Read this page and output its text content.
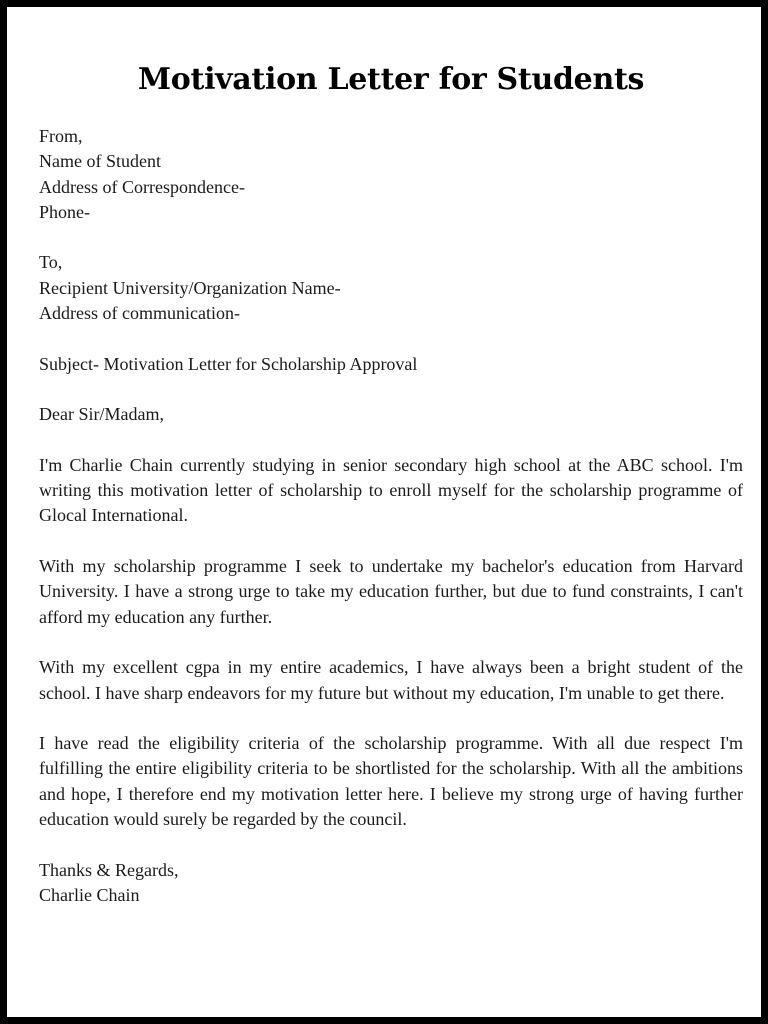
Motivation Letter for Students
From,
Name of Student
Address of Correspondence-
Phone-
To,
Recipient University/Organization Name-
Address of communication-
Subject- Motivation Letter for Scholarship Approval
Dear Sir/Madam,

I'm Charlie Chain currently studying in senior secondary high school at the ABC school. I'm writing this motivation letter of scholarship to enroll myself for the scholarship programme of Glocal International.

With my scholarship programme I seek to undertake my bachelor's education from Harvard University. I have a strong urge to take my education further, but due to fund constraints, I can't afford my education any further.

With my excellent cgpa in my entire academics, I have always been a bright student of the school. I have sharp endeavors for my future but without my education, I'm unable to get there.

I have read the eligibility criteria of the scholarship programme. With all due respect I'm fulfilling the entire eligibility criteria to be shortlisted for the scholarship. With all the ambitions and hope, I therefore end my motivation letter here. I believe my strong urge of having further education would surely be regarded by the council.

Thanks & Regards,
Charlie Chain
